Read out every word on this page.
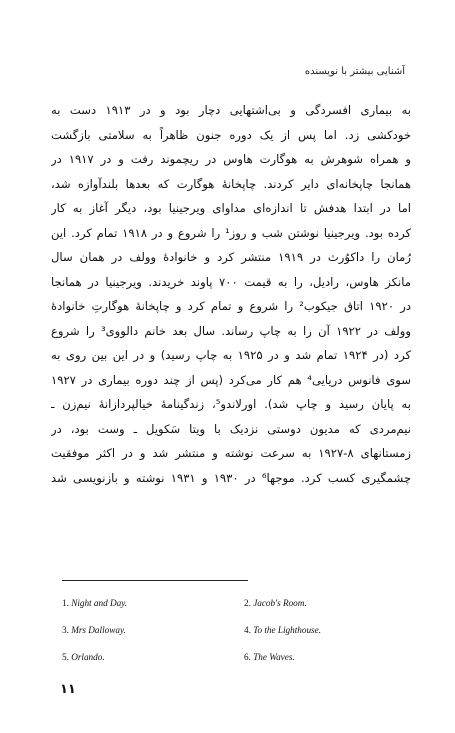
آشنایی بیشتر با نویسنده
به بیماری افسردگی و بی‌اشتهایی دچار بود و در ۱۹۱۳ دست به
خودکشی زد. اما پس از یک دوره جنون ظاهراً به سلامتی بازگشت
و همراه شوهرش به هوگارت هاوس در ریچموند رفت و در ۱۹۱۷ در
همانجا چاپخانه‌ای دایر کردند. چاپخانهٔ هوگارت که بعدها بلندآوازه شد،
اما در ابتدا هدفش تا اندازه‌ای مداوای ویرجینیا بود، دیگر آغاز به کار
کرده بود. ویرجینیا نوشتن شب و روز¹ را شروع و در ۱۹۱۸ تمام کرد. این
رُمان را داکوُرث در ۱۹۱۹ منتشر کرد و خانوادهٔ وولف در همان سال
مانکز هاوس، رادیل، را به قیمت ۷۰۰ پاوند خریدند. ویرجینیا در همانجا
در ۱۹۲۰ اتاق جیکوب² را شروع و تمام کرد و چاپخانهٔ هوگارتِ خانوادهٔ
وولف در ۱۹۲۲ آن را به چاپ رساند. سال بعد خانم دالووی³ را شروع
کرد (در ۱۹۲۴ تمام شد و در ۱۹۲۵ به چاپ رسید) و در این بین روی به
سوی فانوس دریایی⁴ هم کار می‌کرد (پس از چند دوره بیماری در ۱۹۲۷
به پایان رسید و چاپ شد). اورلاندو⁵، زندگینامهٔ خیالپردازانهٔ نیم‌زن ـ
نیم‌مردی که مدیون دوستی نزدیک با ویتا سَکویل ـ وست بود، در
زمستانهای ۸-۱۹۲۷ به سرعت نوشته و منتشر شد و در اکثر موفقیت
چشمگیری کسب کرد. موجها⁶ در ۱۹۳۰ و ۱۹۳۱ نوشته و بازنویسی شد
1. Night and Day.	2. Jacob's Room.
3. Mrs Dalloway.	4. To the Lighthouse.
5. Orlando.	6. The Waves.
۱۱
